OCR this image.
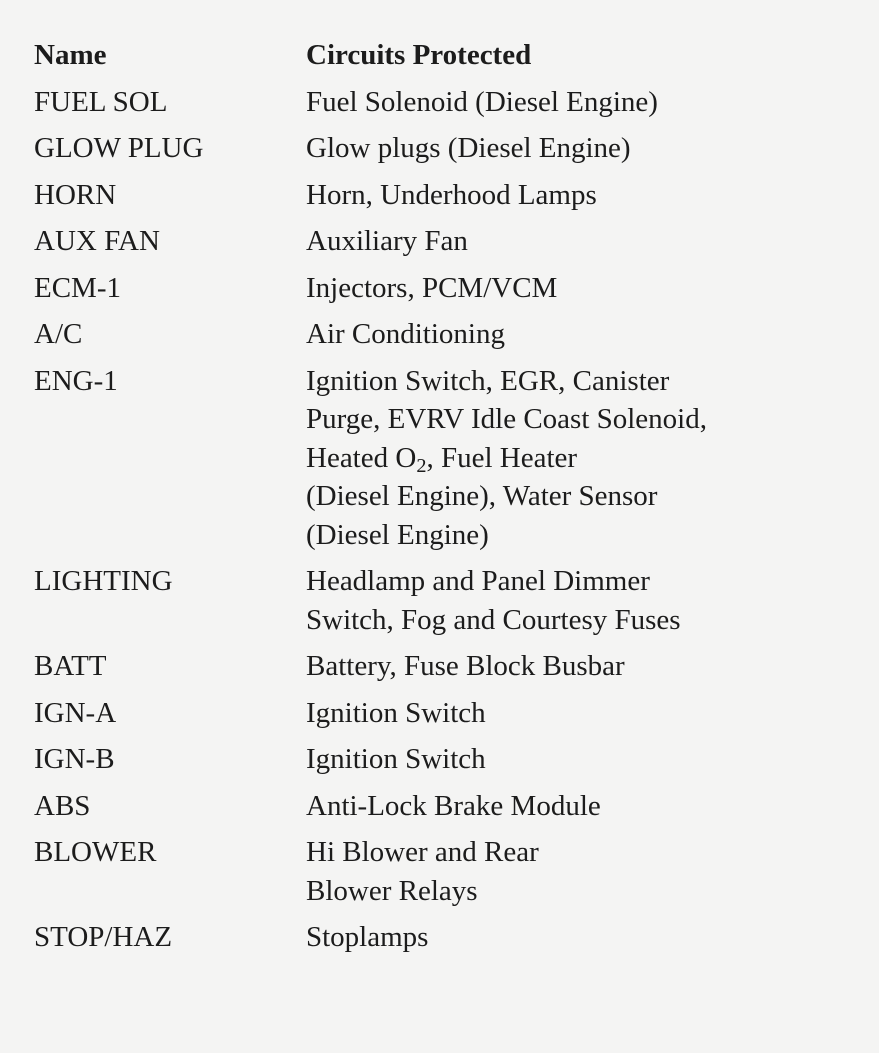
Name	Circuits Protected
FUEL SOL	Fuel Solenoid (Diesel Engine)

GLOW PLUG	Glow plugs (Diesel Engine)

HORN	Horn, Underhood Lamps

AUX FAN	Auxiliary Fan

ECM-1	Injectors, PCM/VCM

A/C	Air Conditioning

ENG-1	Ignition Switch, EGR, Canister
Purge, EVRV Idle Coast Solenoid,
Heated $O_2$, Fuel Heater
(Diesel Engine), Water Sensor
(Diesel Engine)

LIGHTING	Headlamp and Panel Dimmer
Switch, Fog and Courtesy Fuses

BATT	Battery, Fuse Block Busbar

IGN-A	Ignition Switch

IGN-B	Ignition Switch

ABS	Anti-Lock Brake Module

BLOWER	Hi Blower and Rear
Blower Relays

STOP/HAZ	Stoplamps
